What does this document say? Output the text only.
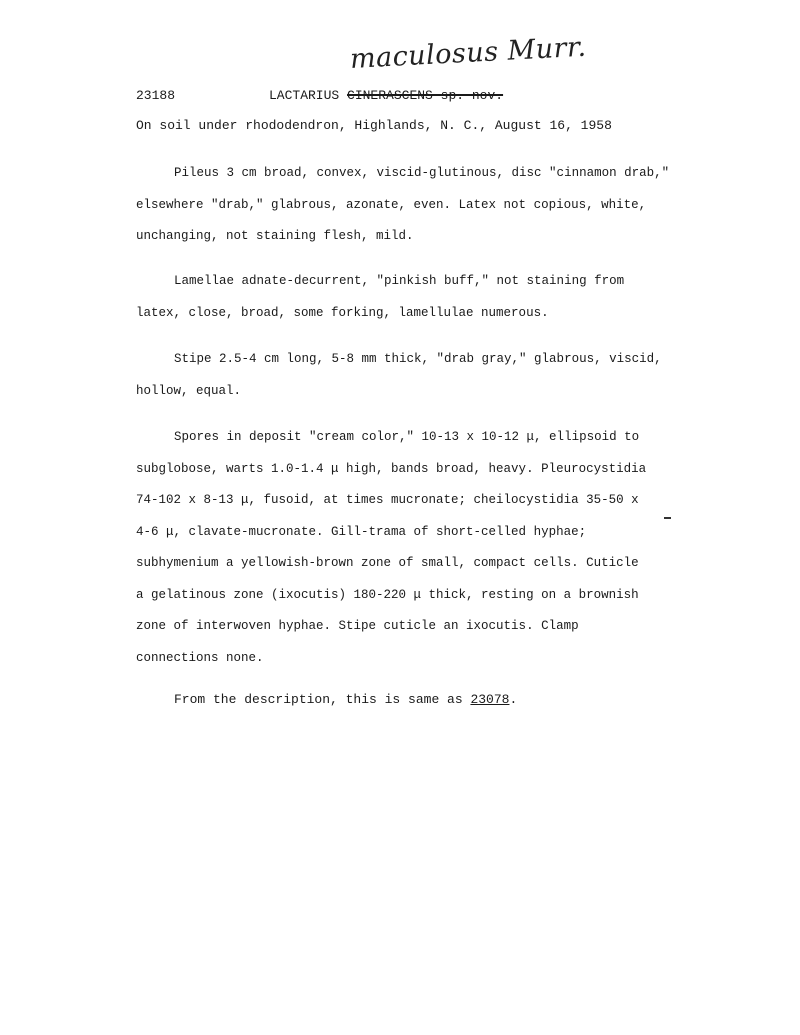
maculosus Murr.
23188	LACTARIUS CINERASCENS sp. nov.
On soil under rhododendron, Highlands, N. C., August 16, 1958

Pileus 3 cm broad, convex, viscid-glutinous, disc "cinnamon drab,"
elsewhere "drab," glabrous, azonate, even. Latex not copious, white,
unchanging, not staining flesh, mild.

Lamellae adnate-decurrent, "pinkish buff," not staining from
latex, close, broad, some forking, lamellulae numerous.

Stipe 2.5-4 cm long, 5-8 mm thick, "drab gray," glabrous, viscid,
hollow, equal.

Spores in deposit "cream color," 10-13 x 10-12 μ, ellipsoid to
subglobose, warts 1.0-1.4 μ high, bands broad, heavy. Pleurocystidia
74-102 x 8-13 μ, fusoid, at times mucronate; cheilocystidia 35-50 x
4-6 μ, clavate-mucronate. Gill-trama of short-celled hyphae;
subhymenium a yellowish-brown zone of small, compact cells. Cuticle
a gelatinous zone (ixocutis) 180-220 μ thick, resting on a brownish
zone of interwoven hyphae. Stipe cuticle an ixocutis. Clamp
connections none.

From the description, this is same as 23078.
